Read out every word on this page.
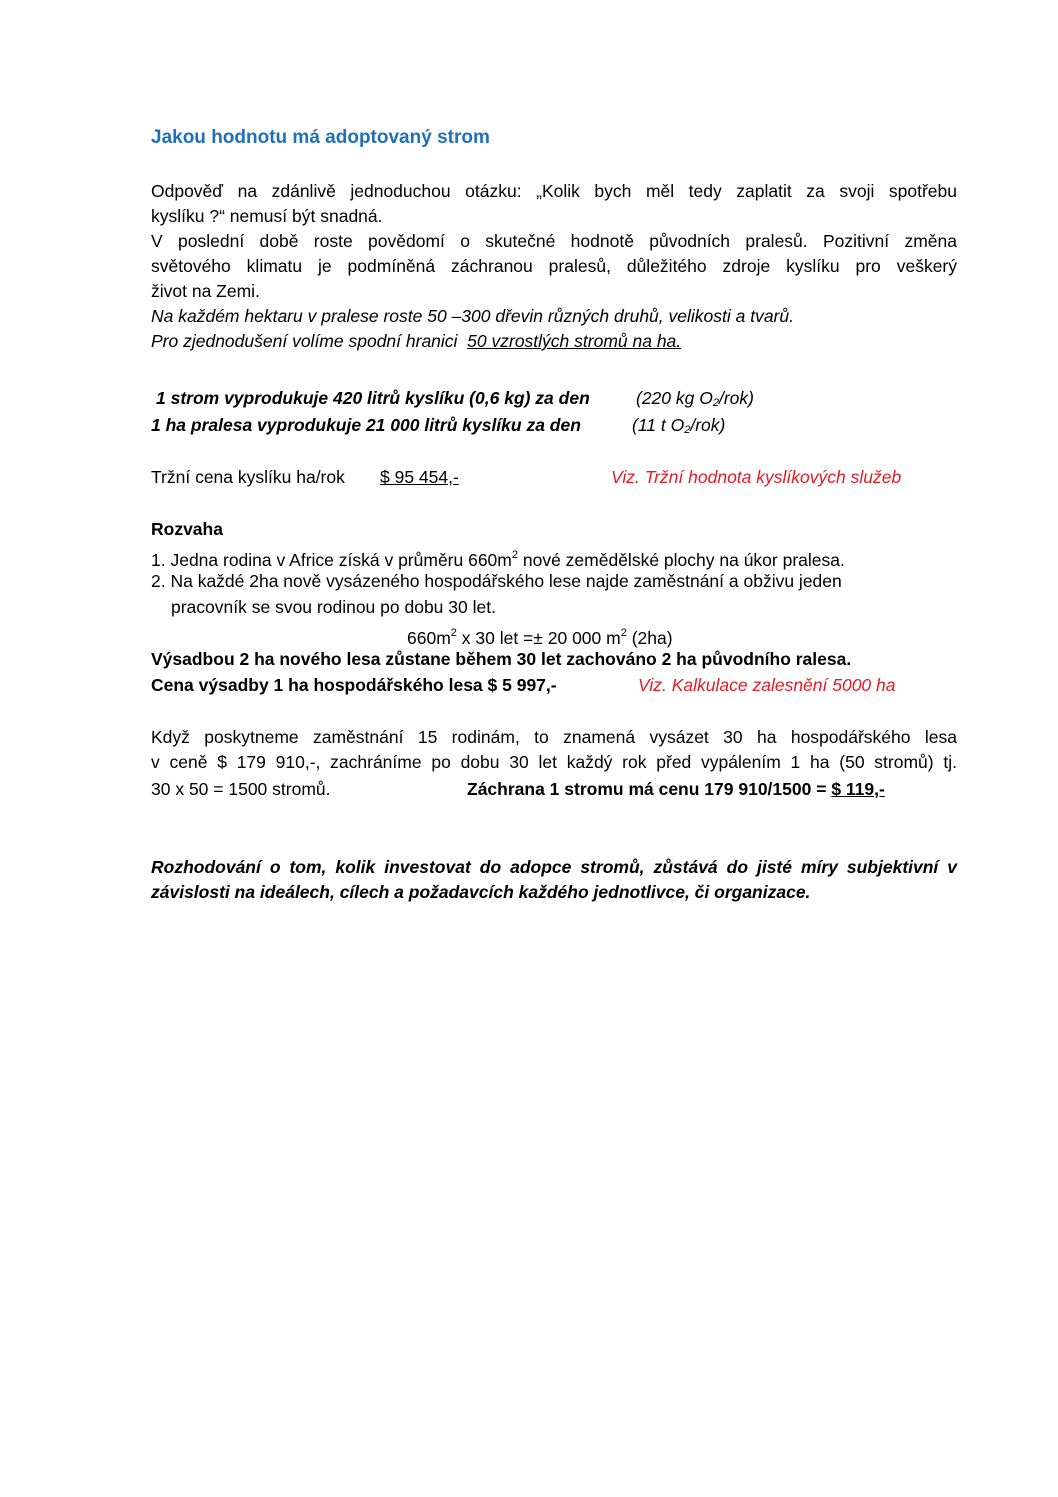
Jakou hodnotu má adoptovaný strom
Odpověď na zdánlivě jednoduchou otázku: „Kolik bych měl tedy zaplatit za svoji spotřebu
kyslíku ?“ nemusí být snadná.
V poslední době roste povědomí o skutečné hodnotě původních pralesů. Pozitivní změna
světového klimatu je podmíněná záchranou pralesů, důležitého zdroje kyslíku pro veškerý
život na Zemi.
Na každém hektaru v pralese roste 50 –300 dřevin různých druhů, velikosti a tvarů.
Pro zjednodušení volíme spodní hranici 50 vzrostlých stromů na ha.
1 strom vyprodukuje 420 litrů kyslíku (0,6 kg) za den	(220 kg $O_2/rok$)
1 ha pralesa vyprodukuje 21 000 litrů kyslíku za den	(11 t $O_2/rok$)
Tržní cena kyslíku ha/rok $ 95 454,-	Viz. Tržní hodnota kyslíkových služeb
Rozvaha
1. Jedna rodina v Africe získá v průměru $660m^2$ nové zemědělské plochy na úkor pralesa.
2. Na každé 2ha nově vysázeného hospodářského lese najde zaměstnání a obživu jeden
pracovník se svou rodinou po dobu 30 let.
$660m^2$ x 30 let =± 20 000 $m^2$ (2ha)
Výsadbou 2 ha nového lesa zůstane během 30 let zachováno 2 ha původního ralesa.
Cena výsadby 1 ha hospodářského lesa $ 5 997,-	Viz. Kalkulace zalesnění 5000 ha
Když poskytneme zaměstnání 15 rodinám, to znamená vysázet 30 ha hospodářského lesa
v ceně $ 179 910,-, zachráníme po dobu 30 let každý rok před vypálením 1 ha (50 stromů) tj.
30 x 50 = 1500 stromů.	Záchrana 1 stromu má cenu 179 910/1500 = $ 119,-
Rozhodování o tom, kolik investovat do adopce stromů, zůstává do jisté míry subjektivní v
závislosti na ideálech, cílech a požadavcích každého jednotlivce, či organizace.
